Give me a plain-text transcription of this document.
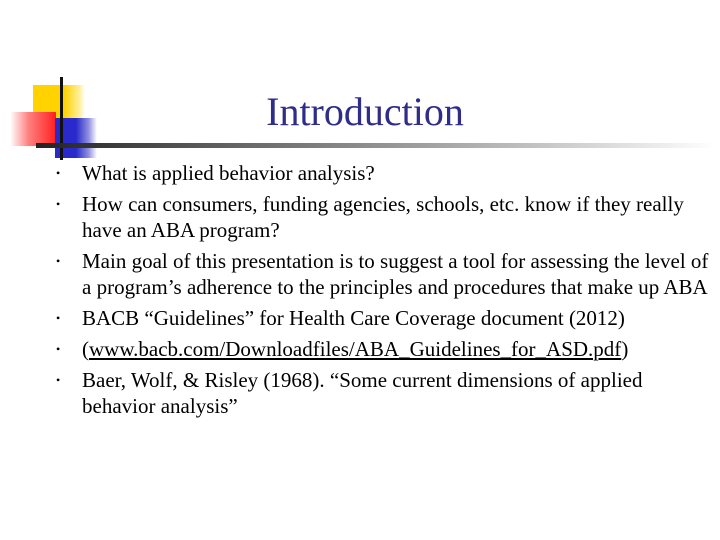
Introduction
• What is applied behavior analysis?
• How can consumers, funding agencies, schools, etc. know if they really have an ABA program?
• Main goal of this presentation is to suggest a tool for assessing the level of a program’s adherence to the principles and procedures that make up ABA
• BACB “Guidelines” for Health Care Coverage document (2012)
• (www.bacb.com/Downloadfiles/ABA_Guidelines_for_ASD.pdf)
• Baer, Wolf, & Risley (1968). “Some current dimensions of applied behavior analysis”
